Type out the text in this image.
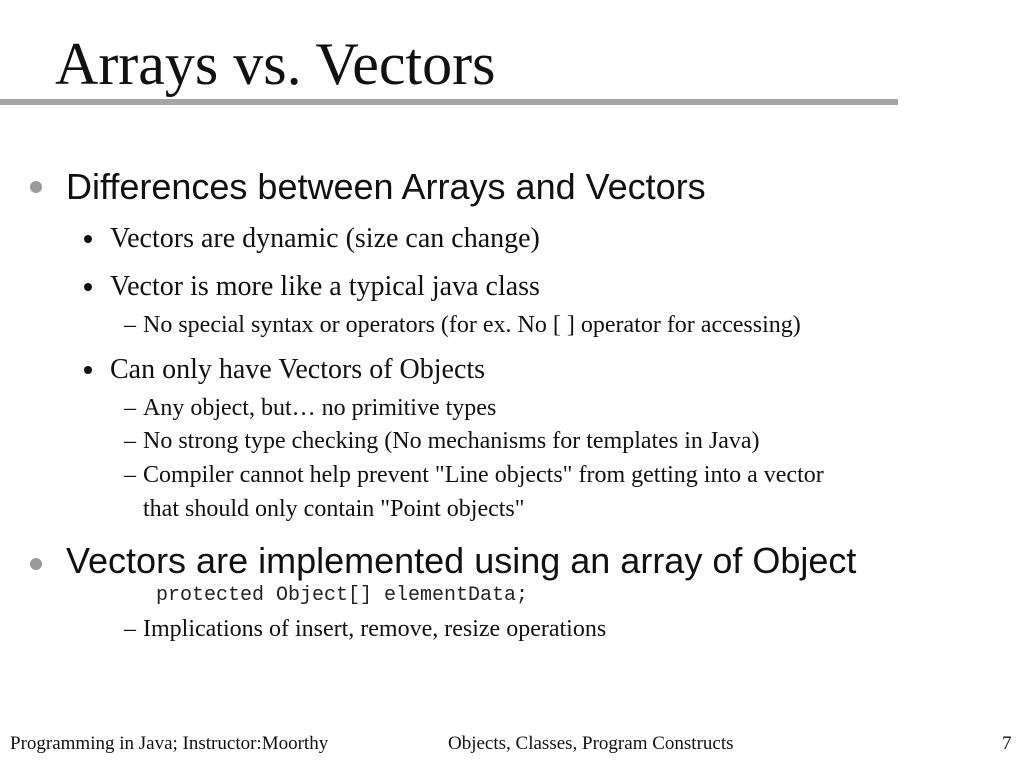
Arrays vs. Vectors
Differences between Arrays and Vectors
Vectors are dynamic (size can change)
Vector is more like a typical java class
– No special syntax or operators (for ex. No [ ] operator for accessing)
Can only have Vectors of Objects
– Any object, but… no primitive types
– No strong type checking (No mechanisms for templates in Java)
– Compiler cannot help prevent "Line objects" from getting into a vector
that should only contain "Point objects"
Vectors are implemented using an array of Object
protected Object[] elementData;
– Implications of insert, remove, resize operations
Programming in Java; Instructor:Moorthy	Objects, Classes, Program Constructs	7
